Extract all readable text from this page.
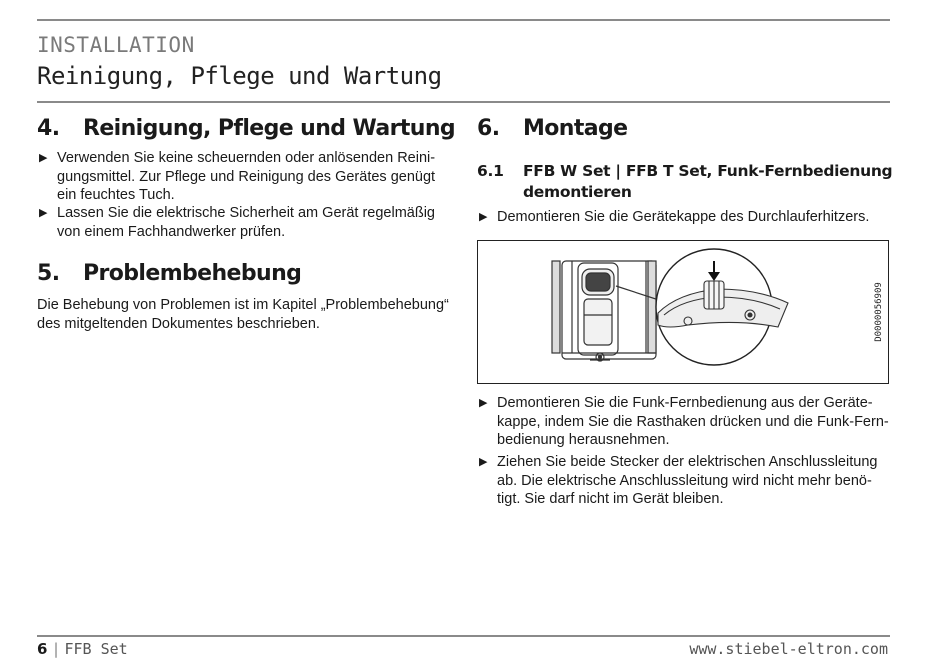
INSTALLATION
Reinigung, Pflege und Wartung
4. Reinigung, Pflege und Wartung
▶ Verwenden Sie keine scheuernden oder anlösenden Reini-
gungsmittel. Zur Pflege und Reinigung des Gerätes genügt
ein feuchtes Tuch.
▶ Lassen Sie die elektrische Sicherheit am Gerät regelmäßig
von einem Fachhandwerker prüfen.
5. Problembehebung
Die Behebung von Problemen ist im Kapitel „Problembehebung“
des mitgeltenden Dokumentes beschrieben.
6. Montage
6.1 FFB W Set | FFB T Set, Funk-Fernbedienung demontieren
▶ Demontieren Sie die Gerätekappe des Durchlauferhitzers.
D0000056909
▶ Demontieren Sie die Funk-Fernbedienung aus der Geräte-
kappe, indem Sie die Rasthaken drücken und die Funk-Fern-
bedienung herausnehmen.
▶ Ziehen Sie beide Stecker der elektrischen Anschlussleitung
ab. Die elektrische Anschlussleitung wird nicht mehr benö-
tigt. Sie darf nicht im Gerät bleiben.
6 | FFB Set	www.stiebel-eltron.com
